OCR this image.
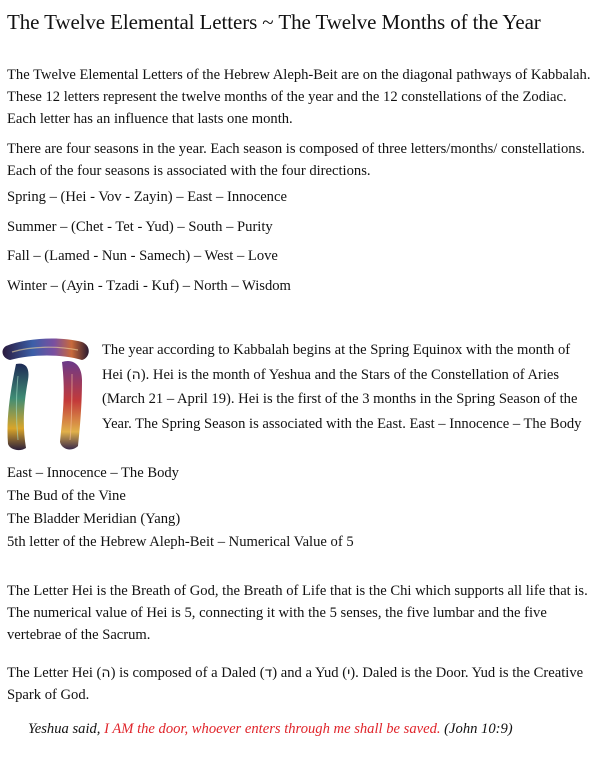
The Twelve Elemental Letters ~ The Twelve Months of the Year

The Twelve Elemental Letters of the Hebrew Aleph-Beit are on the diagonal pathways of Kabbalah. These 12 letters represent the twelve months of the year and the 12 constellations of the Zodiac. Each letter has an influence that lasts one month.

There are four seasons in the year. Each season is composed of three letters/months/ constellations. Each of the four seasons is associated with the four directions.

Spring – (Hei - Vov - Zayin) – East – Innocence

Summer – (Chet - Tet - Yud) – South – Purity

Fall – (Lamed - Nun - Samech) – West – Love

Winter – (Ayin - Tzadi - Kuf) – North – Wisdom

The year according to Kabbalah begins at the Spring Equinox with the month of Hei (ה). Hei is the month of Yeshua and the Stars of the Constellation of Aries (March 21 – April 19). Hei is the first of the 3 months in the Spring Season of the Year. The Spring Season is associated with the East. East – Innocence – The Body

East – Innocence – The Body

The Bud of the Vine

The Bladder Meridian (Yang)

5th letter of the Hebrew Aleph-Beit – Numerical Value of 5

The Letter Hei is the Breath of God, the Breath of Life that is the Chi which supports all life that is. The numerical value of Hei is 5, connecting it with the 5 senses, the five lumbar and the five vertebrae of the Sacrum.

The Letter Hei (ה) is composed of a Daled (ד) and a Yud (י). Daled is the Door. Yud is the Creative Spark of God.

Yeshua said, I AM the door, whoever enters through me shall be saved. (John 10:9)
